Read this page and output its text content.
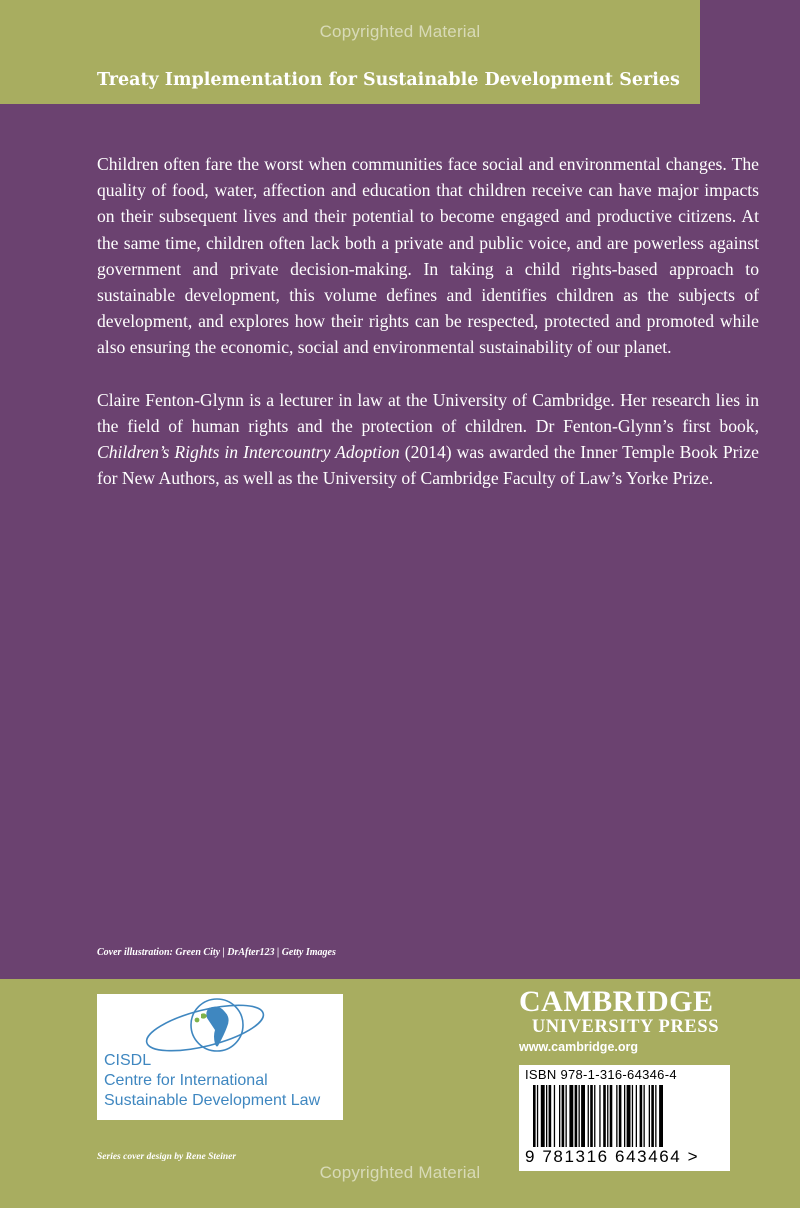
Copyrighted Material
Treaty Implementation for Sustainable Development Series

Children often fare the worst when communities face social and environmental changes. The quality of food, water, affection and education that children receive can have major impacts on their subsequent lives and their potential to become engaged and productive citizens. At the same time, children often lack both a private and public voice, and are powerless against government and private decision-making. In taking a child rights-based approach to sustainable development, this volume defines and identifies children as the subjects of development, and explores how their rights can be respected, protected and promoted while also ensuring the economic, social and environmental sustainability of our planet.

Claire Fenton-Glynn is a lecturer in law at the University of Cambridge. Her research lies in the field of human rights and the protection of children. Dr Fenton-Glynn’s first book, Children’s Rights in Intercountry Adoption (2014) was awarded the Inner Temple Book Prize for New Authors, as well as the University of Cambridge Faculty of Law’s Yorke Prize.

Cover illustration: Green City | DrAfter123 | Getty Images
CISDL
Centre for International
Sustainable Development Law
Series cover design by Rene Steiner
CAMBRIDGE
UNIVERSITY PRESS
www.cambridge.org
ISBN 978-1-316-64346-4
9 781316 643464 >
Copyrighted Material
